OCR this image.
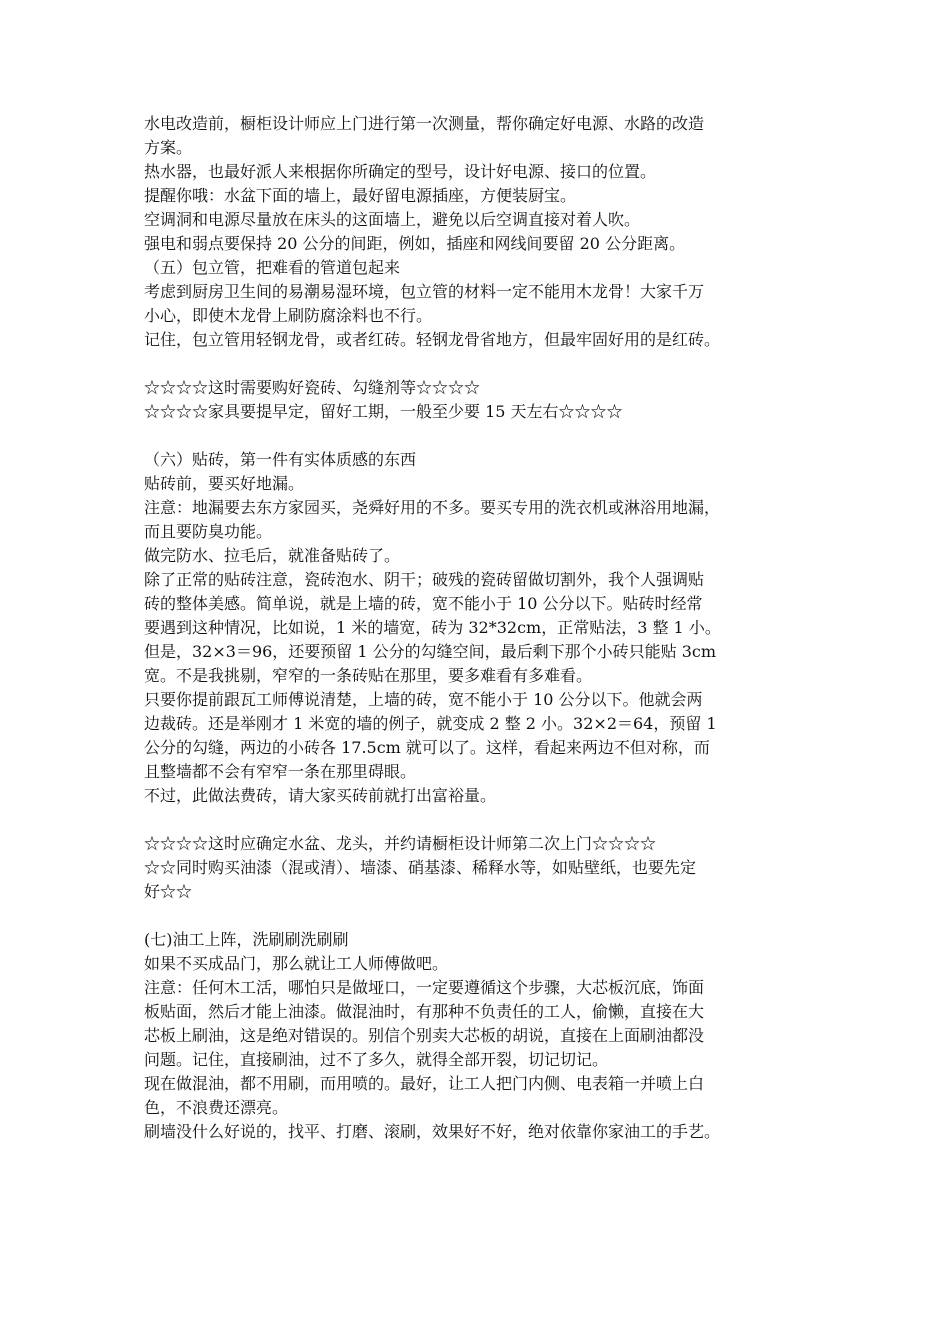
水电改造前，橱柜设计师应上门进行第一次测量，帮你确定好电源、水路的改造
方案。
热水器，也最好派人来根据你所确定的型号，设计好电源、接口的位置。
提醒你哦：水盆下面的墙上，最好留电源插座，方便装厨宝。
空调洞和电源尽量放在床头的这面墙上，避免以后空调直接对着人吹。
强电和弱点要保持 20 公分的间距，例如，插座和网线间要留 20 公分距离。
（五）包立管，把难看的管道包起来
考虑到厨房卫生间的易潮易湿环境，包立管的材料一定不能用木龙骨！大家千万
小心，即使木龙骨上刷防腐涂料也不行。
记住，包立管用轻钢龙骨，或者红砖。轻钢龙骨省地方，但最牢固好用的是红砖。
☆☆☆☆这时需要购好瓷砖、勾缝剂等☆☆☆☆
☆☆☆☆家具要提早定，留好工期，一般至少要 15 天左右☆☆☆☆
（六）贴砖，第一件有实体质感的东西
贴砖前，要买好地漏。
注意：地漏要去东方家园买，尧舜好用的不多。要买专用的洗衣机或淋浴用地漏，
而且要防臭功能。
做完防水、拉毛后，就准备贴砖了。
除了正常的贴砖注意，瓷砖泡水、阴干；破残的瓷砖留做切割外，我个人强调贴
砖的整体美感。简单说，就是上墙的砖，宽不能小于 10 公分以下。贴砖时经常
要遇到这种情况，比如说，1 米的墙宽，砖为 32*32cm，正常贴法，3 整 1 小。
但是，32×3＝96，还要预留 1 公分的勾缝空间，最后剩下那个小砖只能贴 3cm
宽。不是我挑剔，窄窄的一条砖贴在那里，要多难看有多难看。
只要你提前跟瓦工师傅说清楚，上墙的砖，宽不能小于 10 公分以下。他就会两
边裁砖。还是举刚才 1 米宽的墙的例子，就变成 2 整 2 小。32×2＝64，预留 1
公分的勾缝，两边的小砖各 17.5cm 就可以了。这样，看起来两边不但对称，而
且整墙都不会有窄窄一条在那里碍眼。
不过，此做法费砖，请大家买砖前就打出富裕量。
☆☆☆☆这时应确定水盆、龙头，并约请橱柜设计师第二次上门☆☆☆☆
☆☆同时购买油漆（混或清）、墙漆、硝基漆、稀释水等，如贴壁纸，也要先定
好☆☆
(七)油工上阵，洗刷刷洗刷刷
如果不买成品门，那么就让工人师傅做吧。
注意：任何木工活，哪怕只是做垭口，一定要遵循这个步骤，大芯板沉底，饰面
板贴面，然后才能上油漆。做混油时，有那种不负责任的工人，偷懒，直接在大
芯板上刷油，这是绝对错误的。别信个别卖大芯板的胡说，直接在上面刷油都没
问题。记住，直接刷油，过不了多久，就得全部开裂，切记切记。
现在做混油，都不用刷，而用喷的。最好，让工人把门内侧、电表箱一并喷上白
色，不浪费还漂亮。
刷墙没什么好说的，找平、打磨、滚刷，效果好不好，绝对依靠你家油工的手艺。
